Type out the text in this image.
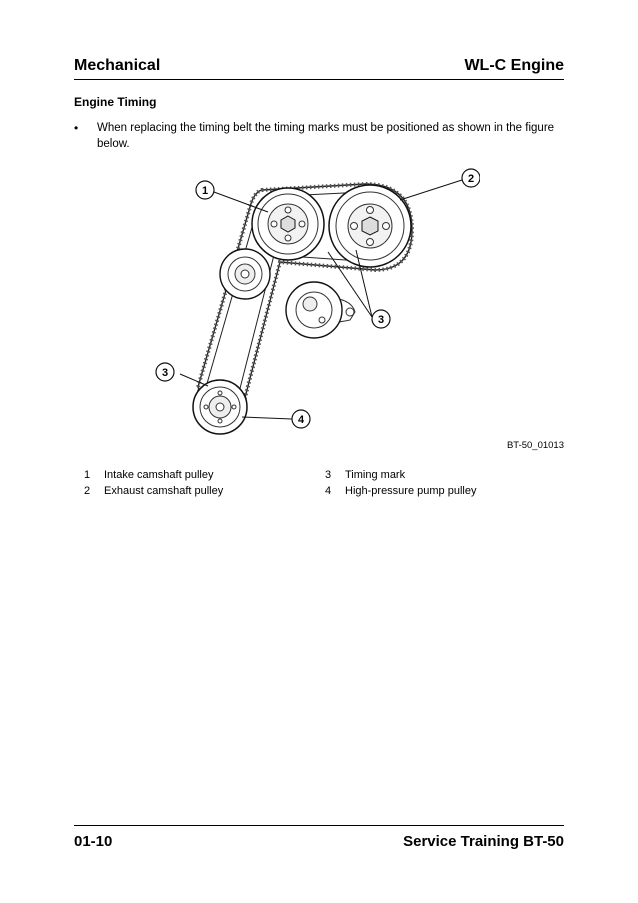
Mechanical	WL-C Engine
Engine Timing
• When replacing the timing belt the timing marks must be positioned as shown in the figure below.
1
2
3
3
4
BT-50_01013
1 Intake camshaft pulley
2 Exhaust camshaft pulley
3 Timing mark
4 High-pressure pump pulley
01-10	Service Training BT-50
